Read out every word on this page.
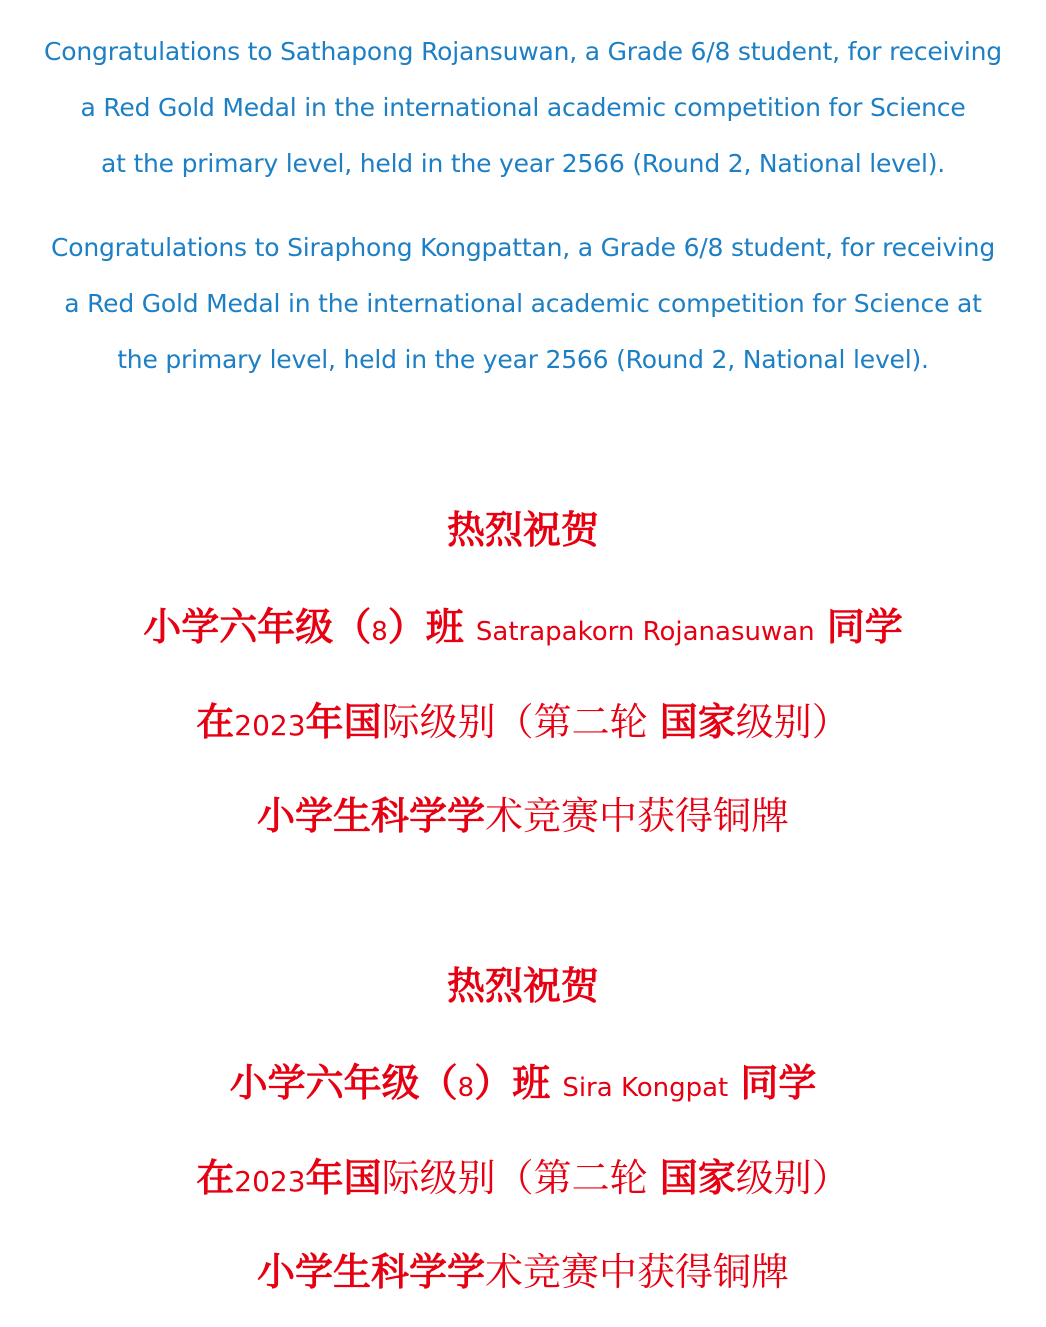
Congratulations to Sathapong Rojansuwan, a Grade 6/8 student, for receiving
a Red Gold Medal in the international academic competition for Science
at the primary level, held in the year 2566 (Round 2, National level).
Congratulations to Siraphong Kongpattan, a Grade 6/8 student, for receiving
a Red Gold Medal in the international academic competition for Science at
the primary level, held in the year 2566 (Round 2, National level).
热烈祝贺
小学六年级（8）班 Satrapakorn Rojanasuwan 同学
在2023年国际级别（第二轮 国家级别）
小学生科学学术竞赛中获得铜牌
热烈祝贺
小学六年级（8）班 Sira Kongpat 同学
在2023年国际级别（第二轮 国家级别）
小学生科学学术竞赛中获得铜牌
